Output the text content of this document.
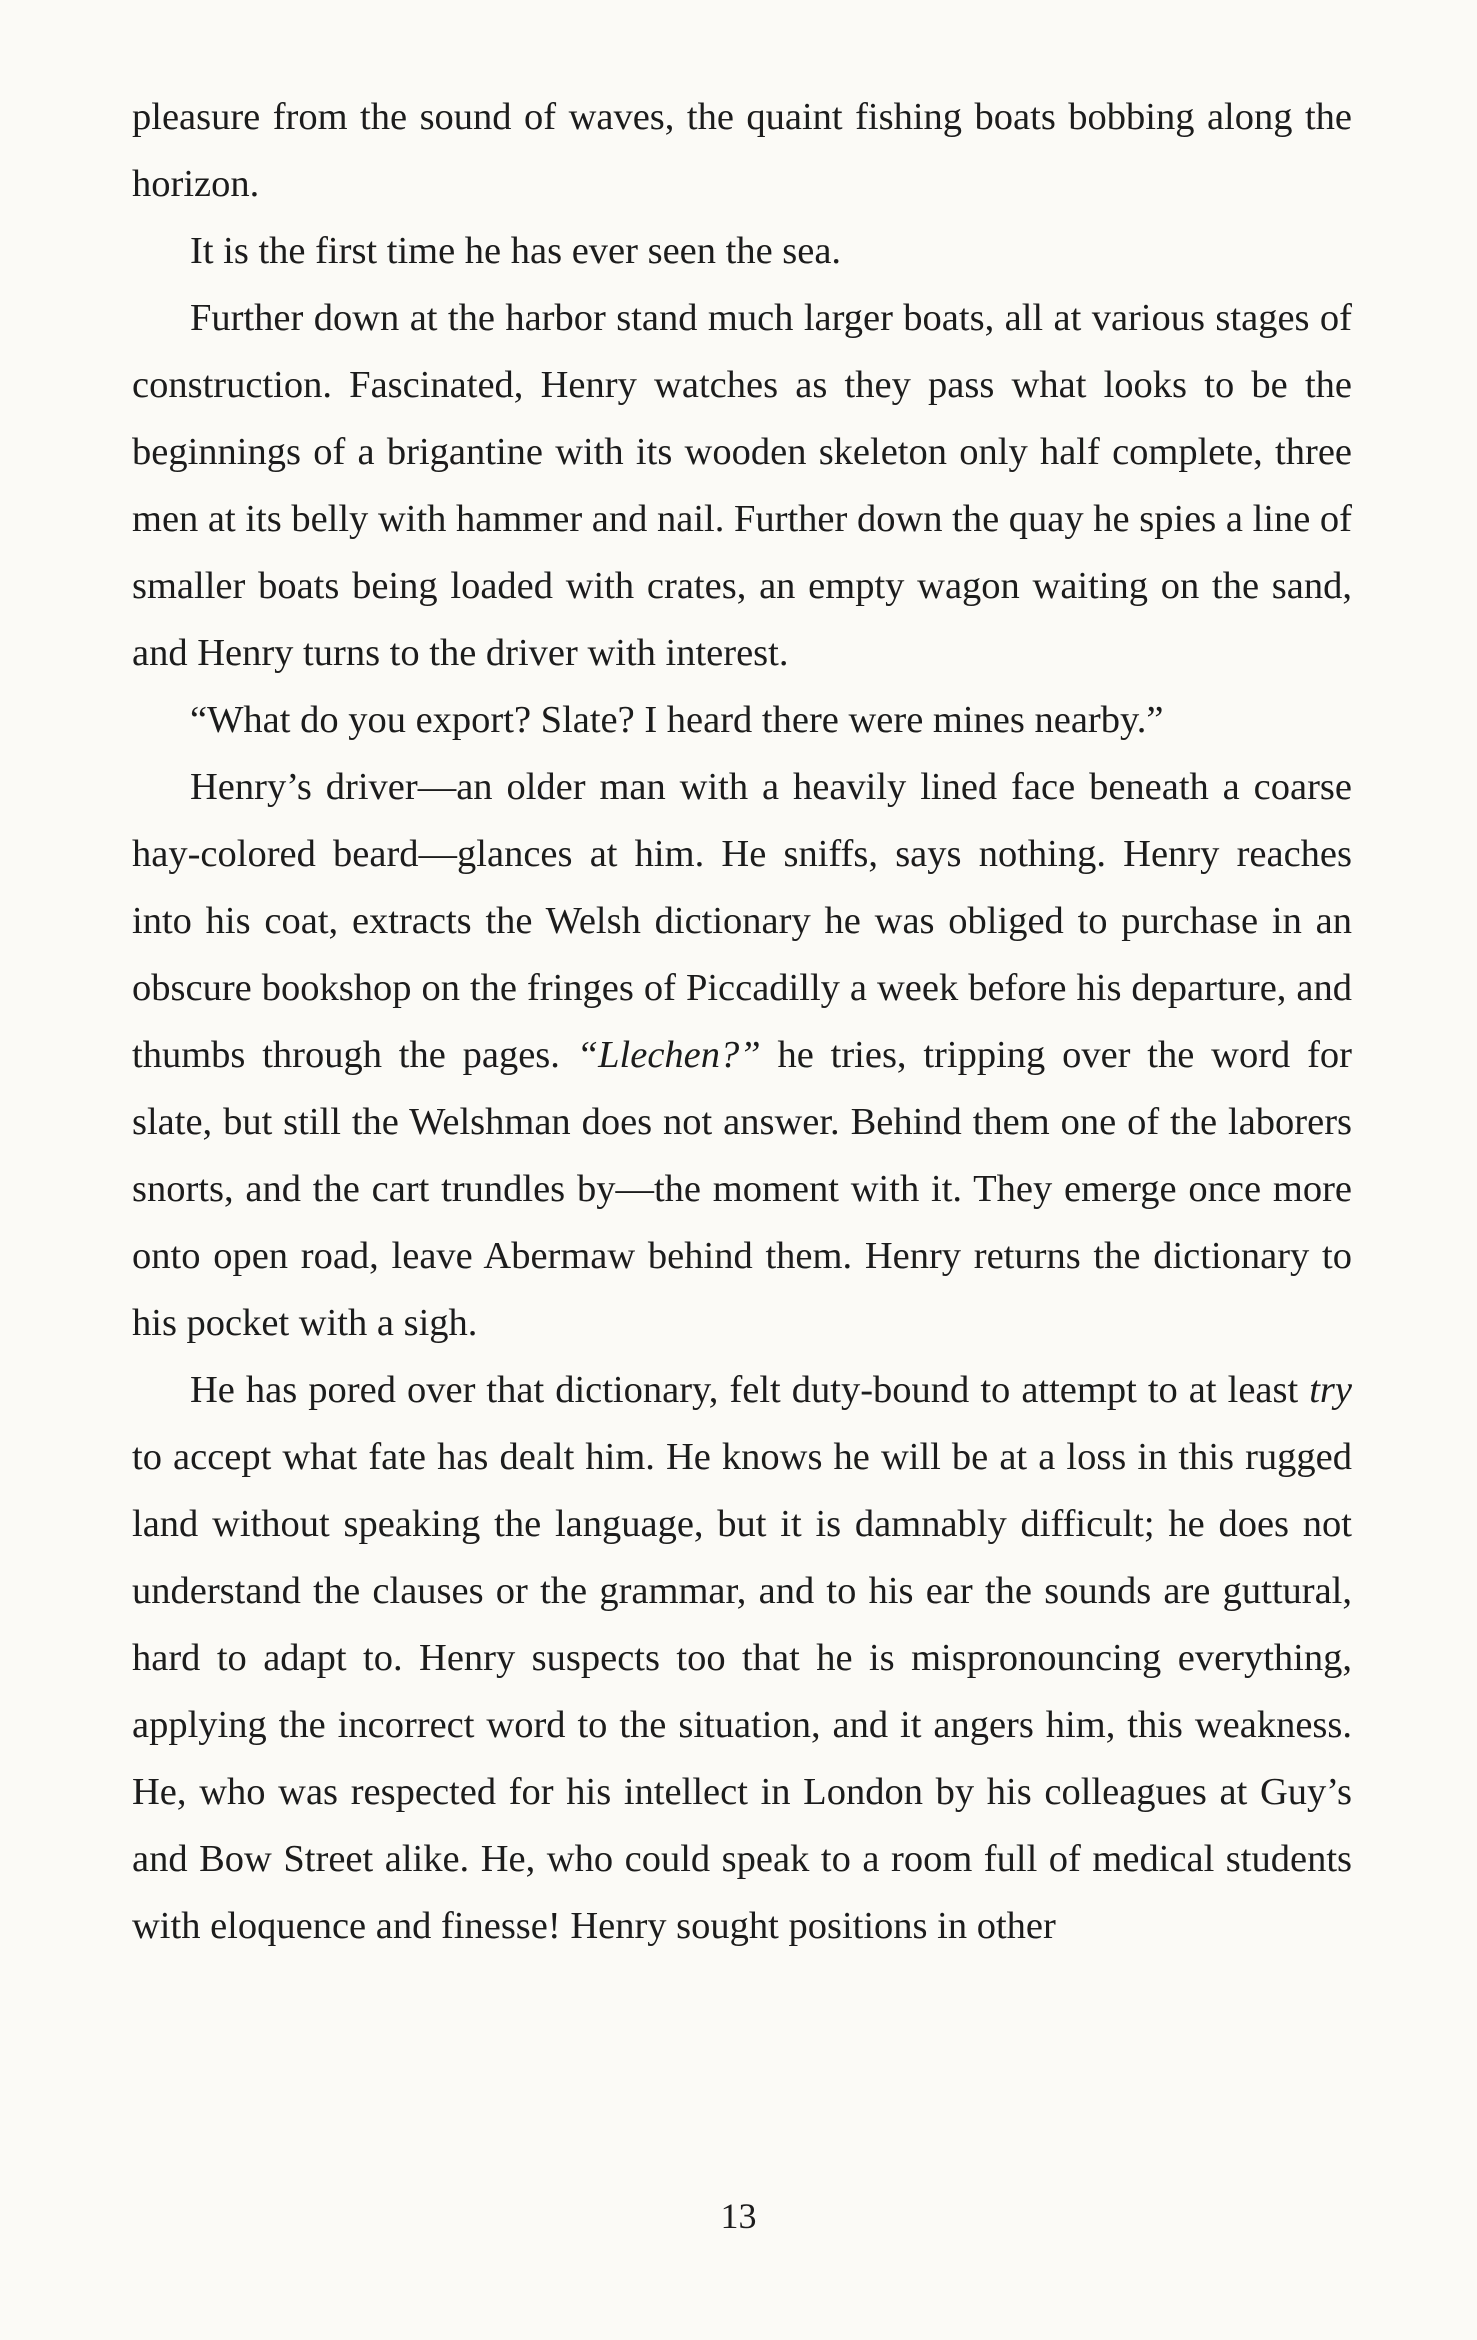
pleasure from the sound of waves, the quaint fishing boats bobbing along the horizon.

It is the first time he has ever seen the sea.

Further down at the harbor stand much larger boats, all at various stages of construction. Fascinated, Henry watches as they pass what looks to be the beginnings of a brigantine with its wooden skeleton only half complete, three men at its belly with hammer and nail. Further down the quay he spies a line of smaller boats being loaded with crates, an empty wagon waiting on the sand, and Henry turns to the driver with interest.

“What do you export? Slate? I heard there were mines nearby.”

Henry’s driver—an older man with a heavily lined face beneath a coarse hay-colored beard—glances at him. He sniffs, says nothing. Henry reaches into his coat, extracts the Welsh dictionary he was obliged to purchase in an obscure bookshop on the fringes of Piccadilly a week before his departure, and thumbs through the pages. “Llechen?” he tries, tripping over the word for slate, but still the Welshman does not answer. Behind them one of the laborers snorts, and the cart trundles by—the moment with it. They emerge once more onto open road, leave Abermaw behind them. Henry returns the dictionary to his pocket with a sigh.

He has pored over that dictionary, felt duty-bound to attempt to at least try to accept what fate has dealt him. He knows he will be at a loss in this rugged land without speaking the language, but it is damnably difficult; he does not understand the clauses or the grammar, and to his ear the sounds are guttural, hard to adapt to. Henry suspects too that he is mispronouncing everything, applying the incorrect word to the situation, and it angers him, this weakness. He, who was respected for his intellect in London by his colleagues at Guy’s and Bow Street alike. He, who could speak to a room full of medical students with eloquence and finesse! Henry sought positions in other

13
